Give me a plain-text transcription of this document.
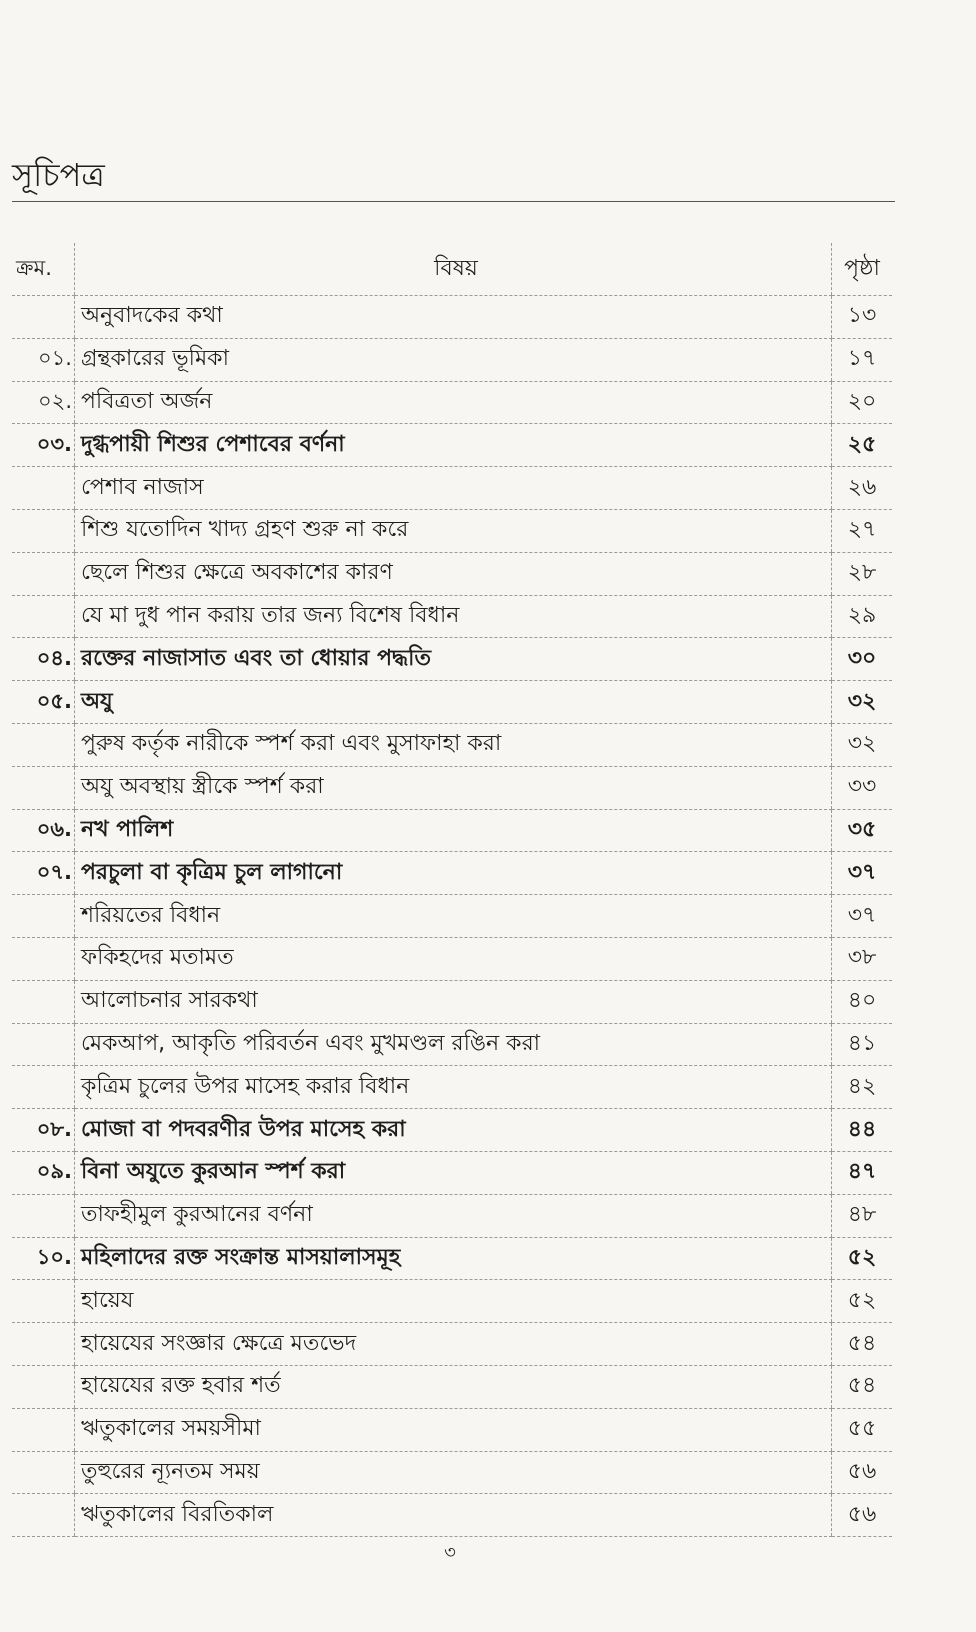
সূচিপত্র
ক্রম.	বিষয়	পৃষ্ঠা
	অনুবাদকের কথা	১৩
০১.	গ্রন্থকারের ভূমিকা	১৭
০২.	পবিত্রতা অর্জন	২০
০৩.	দুগ্ধপায়ী শিশুর পেশাবের বর্ণনা	২৫
	পেশাব নাজাস	২৬
	শিশু যতোদিন খাদ্য গ্রহণ শুরু না করে	২৭
	ছেলে শিশুর ক্ষেত্রে অবকাশের কারণ	২৮
	যে মা দুধ পান করায় তার জন্য বিশেষ বিধান	২৯
০৪.	রক্তের নাজাসাত এবং তা ধোয়ার পদ্ধতি	৩০
০৫.	অযু	৩২
	পুরুষ কর্তৃক নারীকে স্পর্শ করা এবং মুসাফাহা করা	৩২
	অযু অবস্থায় স্ত্রীকে স্পর্শ করা	৩৩
০৬.	নখ পালিশ	৩৫
০৭.	পরচুলা বা কৃত্রিম চুল লাগানো	৩৭
	শরিয়তের বিধান	৩৭
	ফকিহদের মতামত	৩৮
	আলোচনার সারকথা	৪০
	মেকআপ, আকৃতি পরিবর্তন এবং মুখমণ্ডল রঙিন করা	৪১
	কৃত্রিম চুলের উপর মাসেহ করার বিধান	৪২
০৮.	মোজা বা পদবরণীর উপর মাসেহ করা	৪৪
০৯.	বিনা অযুতে কুরআন স্পর্শ করা	৪৭
	তাফহীমুল কুরআনের বর্ণনা	৪৮
১০.	মহিলাদের রক্ত সংক্রান্ত মাসয়ালাসমূহ	৫২
	হায়েয	৫২
	হায়েযের সংজ্ঞার ক্ষেত্রে মতভেদ	৫৪
	হায়েযের রক্ত হবার শর্ত	৫৪
	ঋতুকালের সময়সীমা	৫৫
	তুহুরের ন্যূনতম সময়	৫৬
	ঋতুকালের বিরতিকাল	৫৬
৩
